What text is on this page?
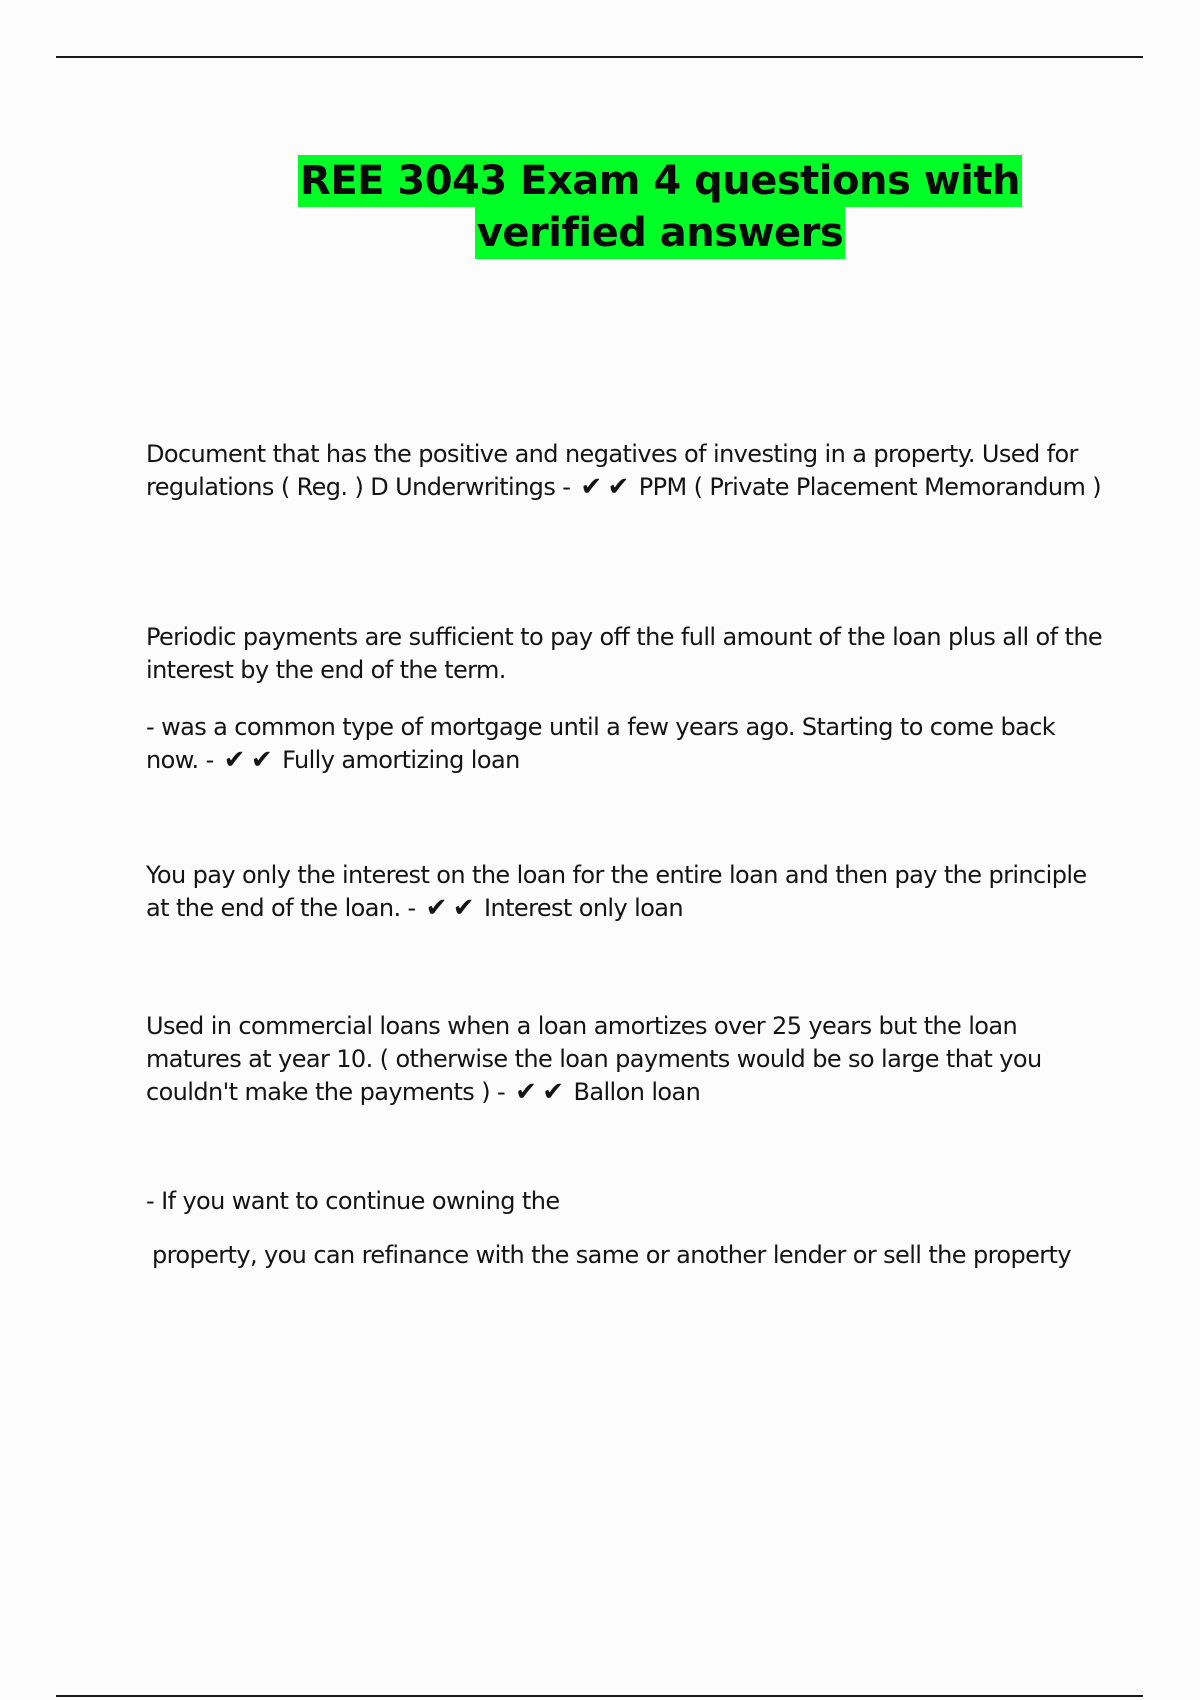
REE 3043 Exam 4 questions with
verified answers
Document that has the positive and negatives of investing in a property. Used for regulations ( Reg. ) D Underwritings - ✔ ✔ PPM ( Private Placement Memorandum )
Periodic payments are sufficient to pay off the full amount of the loan plus all of the interest by the end of the term.
- was a common type of mortgage until a few years ago. Starting to come back now. - ✔ ✔ Fully amortizing loan
You pay only the interest on the loan for the entire loan and then pay the principle at the end of the loan. - ✔ ✔ Interest only loan
Used in commercial loans when a loan amortizes over 25 years but the loan matures at year 10. ( otherwise the loan payments would be so large that you couldn't make the payments ) - ✔ ✔ Ballon loan
- If you want to continue owning the
property, you can refinance with the same or another lender or sell the property
